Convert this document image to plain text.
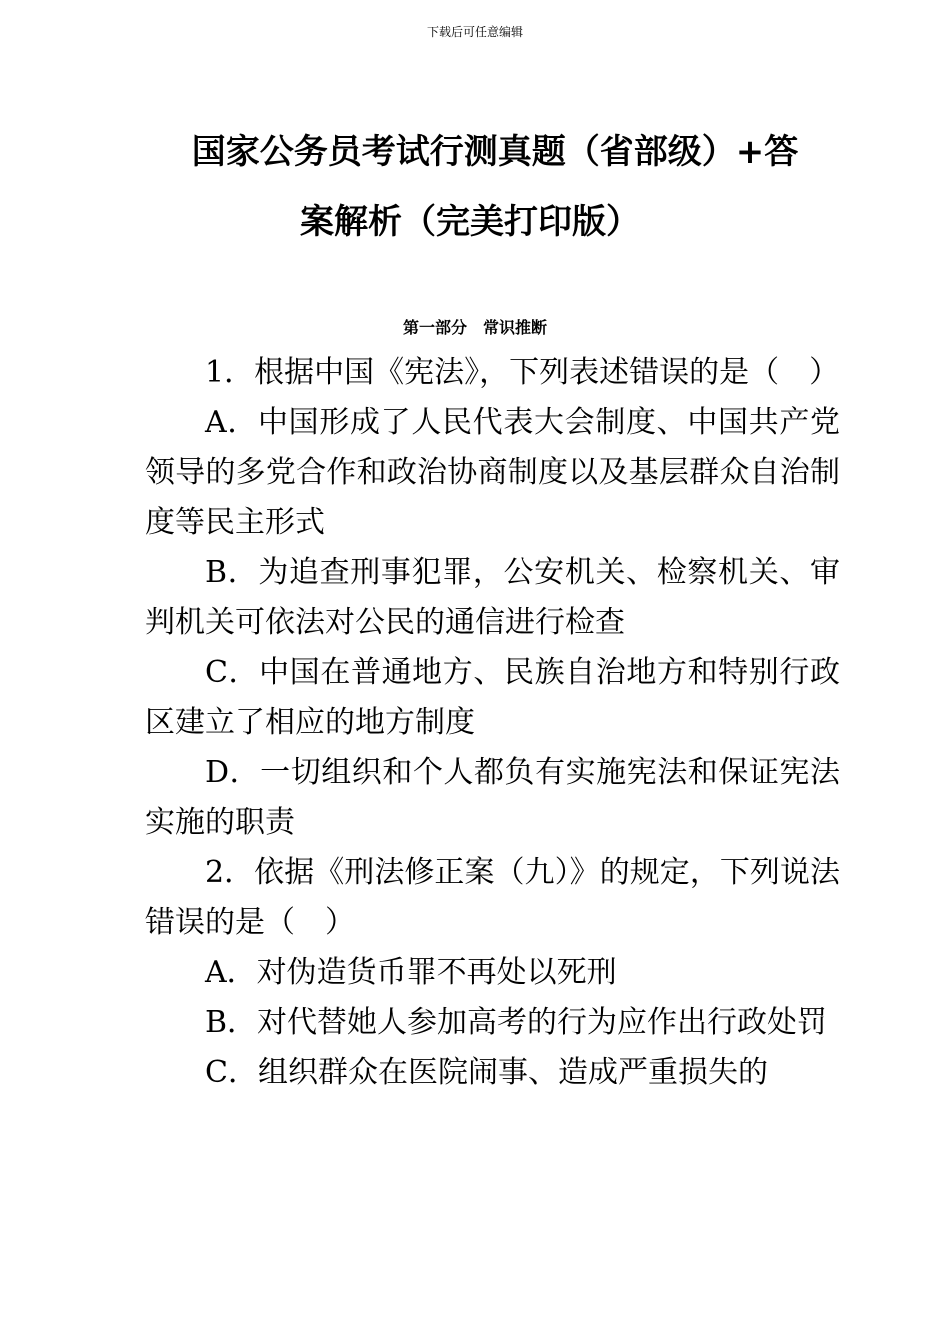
下载后可任意编辑
国家公务员考试行测真题（省部级）+答
案解析（完美打印版）
第一部分　常识推断

1．根据中国《宪法》，下列表述错误的是（　）

A．中国形成了人民代表大会制度、中国共产党领导的多党合作和政治协商制度以及基层群众自治制度等民主形式

B．为追查刑事犯罪，公安机关、检察机关、审判机关可依法对公民的通信进行检查

C．中国在普通地方、民族自治地方和特别行政区建立了相应的地方制度

D．一切组织和个人都负有实施宪法和保证宪法实施的职责

2．依据《刑法修正案（九）》的规定，下列说法错误的是（　）

A．对伪造货币罪不再处以死刑

B．对代替她人参加高考的行为应作出行政处罚

C．组织群众在医院闹事、造成严重损失的
